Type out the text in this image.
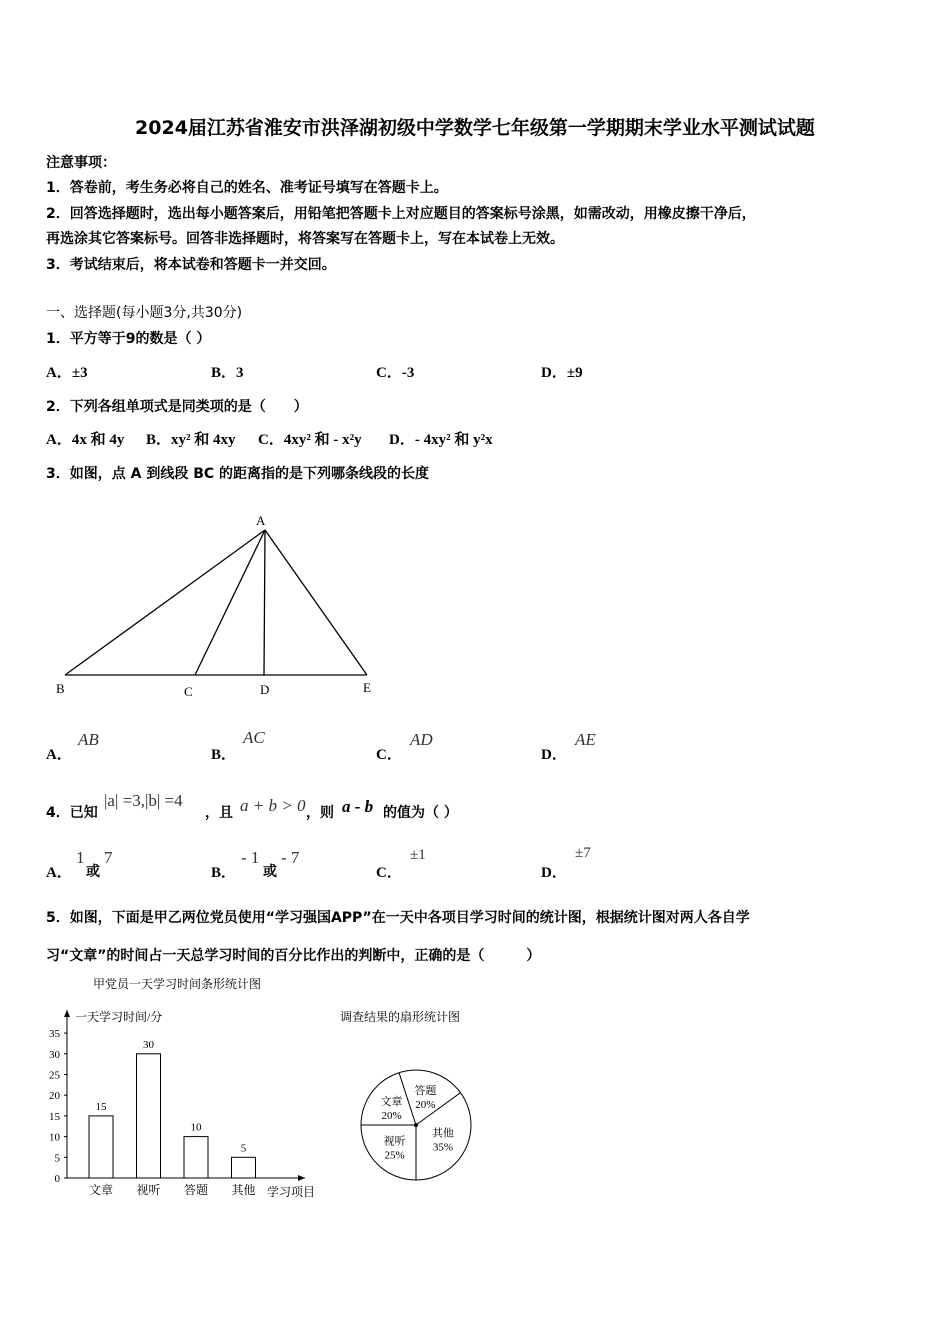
2024届江苏省淮安市洪泽湖初级中学数学七年级第一学期期末学业水平测试试题
注意事项：
1．答卷前，考生务必将自己的姓名、准考证号填写在答题卡上。
2．回答选择题时，选出每小题答案后，用铅笔把答题卡上对应题目的答案标号涂黑，如需改动，用橡皮擦干净后，
再选涂其它答案标号。回答非选择题时，将答案写在答题卡上，写在本试卷上无效。
3．考试结束后，将本试卷和答题卡一并交回。
一、选择题(每小题3分,共30分)
1．平方等于9的数是（ ）
A．±3	B．3	C．-3	D．±9
2．下列各组单项式是同类项的是（　　）
A．4x 和 4y B．xy² 和 4xy C．4xy² 和 - x²y D．- 4xy² 和 y²x
3．如图，点 A 到线段 BC 的距离指的是下列哪条线段的长度
A
B	C	D	E
A．
AB
B．
AC
C．
AD
D．
AE
4．已知
|a| =3,|b| =4
，且 a + b > 0 ，则 a - b 的值为（ ）
A．
1
或
7
B．
- 1
或
- 7
C．
±1
D．
±7
5．如图，下面是甲乙两位党员使用“学习强国APP”在一天中各项目学习时间的统计图，根据统计图对两人各自学
习“文章”的时间占一天总学习时间的百分比作出的判断中，正确的是（　　　）
甲党员一天学习时间条形统计图
一天学习时间/分
学习项目
调查结果的扇形统计图
0
5
10
15
20
25
30
35
15
文章
30
视听
10
答题
5
其他
文章
20%
答题
20%
其他
35%
视听
25%
